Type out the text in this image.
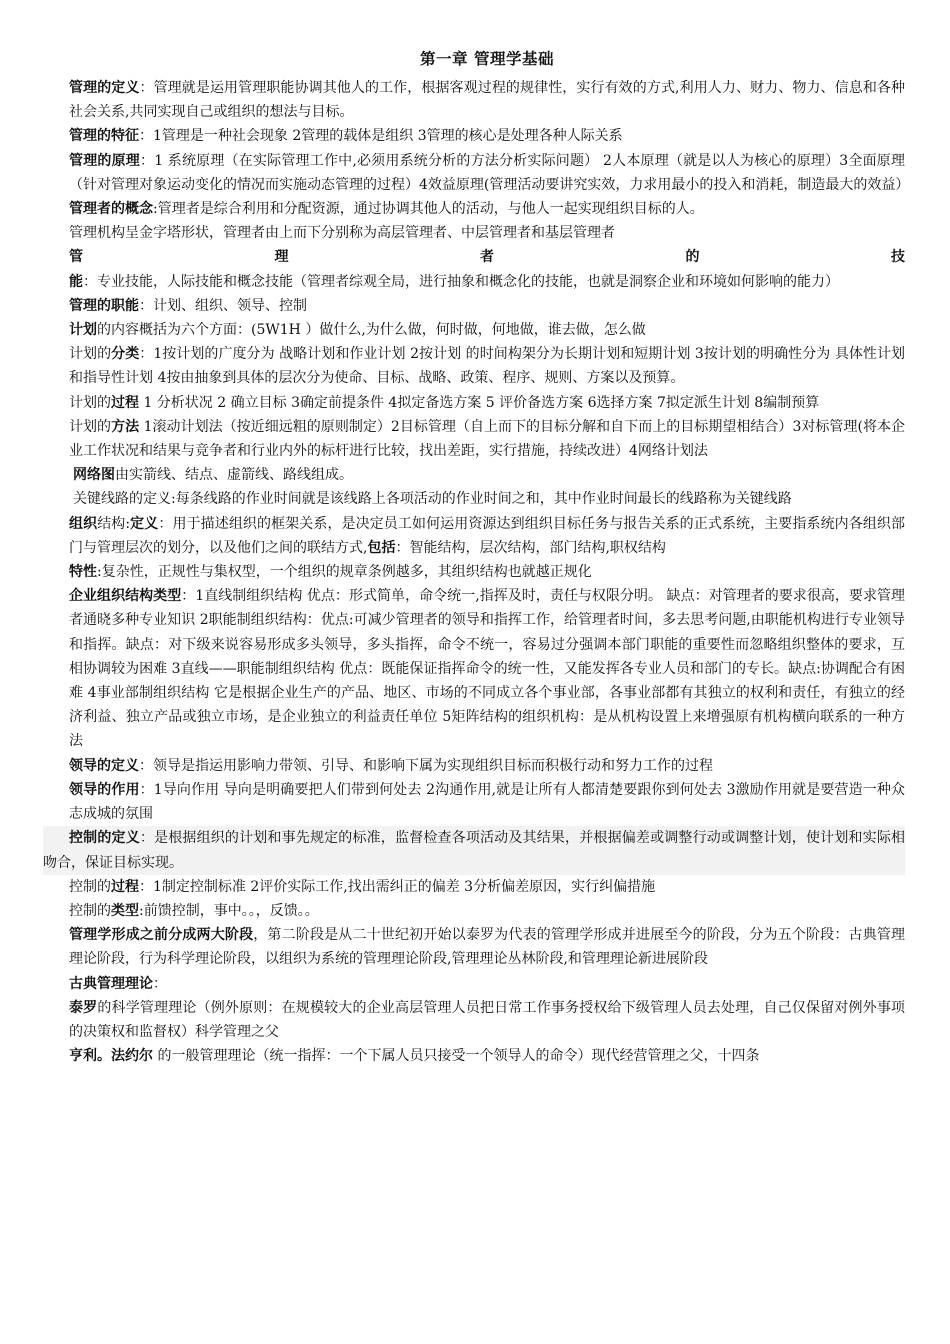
第一章 管理学基础
管理的定义：管理就是运用管理职能协调其他人的工作，根据客观过程的规律性，实行有效的方式,利用人力、财力、物力、信息和各种社会关系,共同实现自己或组织的想法与目标。
管理的特征：1管理是一种社会现象 2管理的载体是组织 3管理的核心是处理各种人际关系
管理的原理：1 系统原理（在实际管理工作中,必须用系统分析的方法分析实际问题） 2人本原理（就是以人为核心的原理）3全面原理（针对管理对象运动变化的情况而实施动态管理的过程）4效益原理(管理活动要讲究实效，力求用最小的投入和消耗，制造最大的效益）
管理者的概念:管理者是综合利用和分配资源，通过协调其他人的活动，与他人一起实现组织目标的人。
管理机构呈金字塔形状，管理者由上而下分别称为高层管理者、中层管理者和基层管理者
管理者的技能：专业技能，人际技能和概念技能（管理者综观全局，进行抽象和概念化的技能，也就是洞察企业和环境如何影响的能力）
管理的职能：计划、组织、领导、控制
计划的内容概括为六个方面：(5W1H ）做什么,为什么做，何时做，何地做，谁去做，怎么做
计划的分类：1按计划的广度分为 战略计划和作业计划 2按计划 的时间构架分为长期计划和短期计划 3按计划的明确性分为 具体性计划和指导性计划 4按由抽象到具体的层次分为使命、目标、战略、政策、程序、规则、方案以及预算。
计划的过程 1 分析状况 2 确立目标 3确定前提条件 4拟定备选方案 5 评价备选方案 6选择方案 7拟定派生计划 8编制预算
计划的方法 1滚动计划法（按近细远粗的原则制定）2目标管理（自上而下的目标分解和自下而上的目标期望相结合）3对标管理(将本企业工作状况和结果与竞争者和行业内外的标杆进行比较，找出差距，实行措施，持续改进）4网络计划法
网络图由实箭线、结点、虚箭线、路线组成。
关键线路的定义:每条线路的作业时间就是该线路上各项活动的作业时间之和，其中作业时间最长的线路称为关键线路
组织结构:定义：用于描述组织的框架关系，是决定员工如何运用资源达到组织目标任务与报告关系的正式系统，主要指系统内各组织部门与管理层次的划分，以及他们之间的联结方式,包括：智能结构，层次结构，部门结构,职权结构
特性:复杂性，正规性与集权型，一个组织的规章条例越多，其组织结构也就越正规化
企业组织结构类型：1直线制组织结构 优点：形式简单，命令统一,指挥及时，责任与权限分明。 缺点：对管理者的要求很高，要求管理者通晓多种专业知识 2职能制组织结构：优点:可减少管理者的领导和指挥工作，给管理者时间，多去思考问题,由职能机构进行专业领导和指挥。缺点：对下级来说容易形成多头领导，多头指挥，命令不统一，容易过分强调本部门职能的重要性而忽略组织整体的要求，互相协调较为困难 3直线——职能制组织结构 优点：既能保证指挥命令的统一性，又能发挥各专业人员和部门的专长。缺点:协调配合有困难 4事业部制组织结构 它是根据企业生产的产品、地区、市场的不同成立各个事业部，各事业部都有其独立的权利和责任，有独立的经济利益、独立产品或独立市场，是企业独立的利益责任单位 5矩阵结构的组织机构：是从机构设置上来增强原有机构横向联系的一种方法
领导的定义：领导是指运用影响力带领、引导、和影响下属为实现组织目标而积极行动和努力工作的过程
领导的作用：1导向作用 导向是明确要把人们带到何处去 2沟通作用,就是让所有人都清楚要跟你到何处去 3激励作用就是要营造一种众志成城的氛围
控制的定义：是根据组织的计划和事先规定的标准，监督检查各项活动及其结果，并根据偏差或调整行动或调整计划，使计划和实际相吻合，保证目标实现。
控制的过程：1制定控制标准 2评价实际工作,找出需纠正的偏差 3分析偏差原因，实行纠偏措施
控制的类型:前馈控制，事中。。，反馈。。
管理学形成之前分成两大阶段，第二阶段是从二十世纪初开始以泰罗为代表的管理学形成并进展至今的阶段，分为五个阶段：古典管理理论阶段，行为科学理论阶段，以组织为系统的管理理论阶段,管理理论丛林阶段,和管理理论新进展阶段
古典管理理论：
泰罗的科学管理理论（例外原则：在规模较大的企业高层管理人员把日常工作事务授权给下级管理人员去处理，自己仅保留对例外事项的决策权和监督权）科学管理之父
亨利。法约尔 的一般管理理论（统一指挥：一个下属人员只接受一个领导人的命令）现代经营管理之父，十四条
